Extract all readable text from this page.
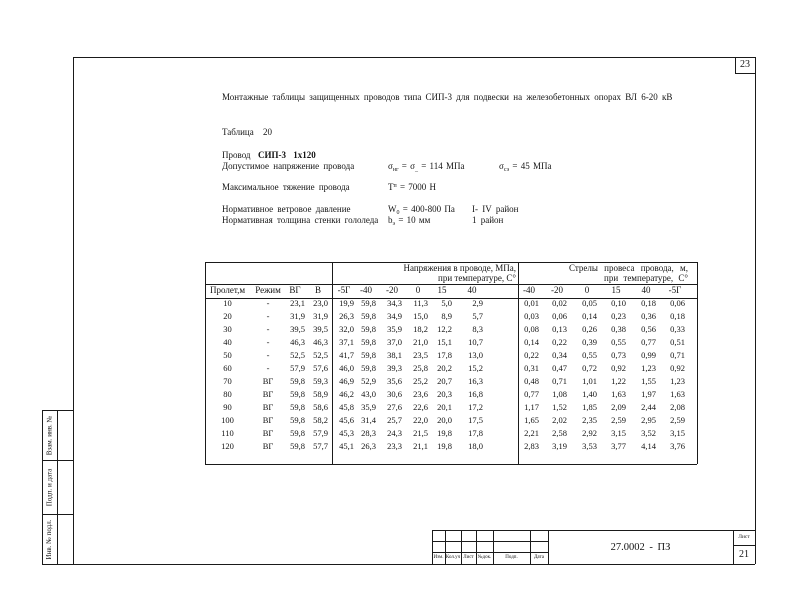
23
Взам. инв. №
Подп. и дата
Инв. № подл.
Монтажные таблицы защищенных проводов типа СИП-3 для подвески на железобетонных опорах ВЛ 6-20 кВ
Таблица 20
Провод СИП-3 1х120
Допустимое напряжение провода	$\sigma_{нг} = \sigma_{\_} = 114$ МПа	$\sigma_{сэ} = 45$ МПа
Максимальное тяжение провода	$Т^п = 7000$ Н
Нормативное ветровое давление	$W_0 = 400-800$ Па I- IV район
Нормативная толщина стенки гололеда $b_э = 10$ мм	1 район
Напряжения в проводе, МПа,
при температуре, С°
Стрелы провеса провода, м,
при температуре, С°
Пролет,м	Режим ВГ	В	-5Г	-40	-20	0	15	40	-40	-20	0	15	40	-5Г
10	-	23,1 23,0	19,9 59,8	34,3	11,3	5,0	2,9	0,01	0,02	0,05	0,10	0,18	0,06
20	-	31,9 31,9	26,3 59,8	34,9	15,0	8,9	5,7	0,03	0,06	0,14	0,23	0,36	0,18
30	-	39,5 39,5	32,0 59,8	35,9	18,2	12,2	8,3	0,08	0,13	0,26	0,38	0,56	0,33
40	-	46,3 46,3	37,1 59,8	37,0	21,0	15,1	10,7	0,14	0,22	0,39	0,55	0,77	0,51
50	-	52,5 52,5	41,7 59,8	38,1	23,5	17,8	13,0	0,22	0,34	0,55	0,73	0,99	0,71
60	-	57,9 57,6	46,0 59,8	39,3	25,8	20,2	15,2	0,31	0,47	0,72	0,92	1,23	0,92
70	ВГ	59,8 59,3	46,9 52,9	35,6	25,2	20,7	16,3	0,48	0,71	1,01	1,22	1,55	1,23
80	ВГ	59,8 58,9	46,2 43,0	30,6	23,6	20,3	16,8	0,77	1,08	1,40	1,63	1,97	1,63
90	ВГ	59,8 58,6	45,8 35,9	27,6	22,6	20,1	17,2	1,17	1,52	1,85	2,09	2,44	2,08
100	ВГ	59,8 58,2	45,6 31,4	25,7	22,0	20,0	17,5	1,65	2,02	2,35	2,59	2,95	2,59
110	ВГ	59,8 57,9	45,3 28,3	24,3	21,5	19,8	17,8	2,21	2,58	2,92	3,15	3,52	3,15
120	ВГ	59,8 57,7	45,1 26,3	23,3	21,1	19,8	18,0	2,83	3,19	3,53	3,77	4,14	3,76
Изм. Кол.уч Лист №док.	Подп.	Дата
27.0002 - ПЗ
Лист
21
